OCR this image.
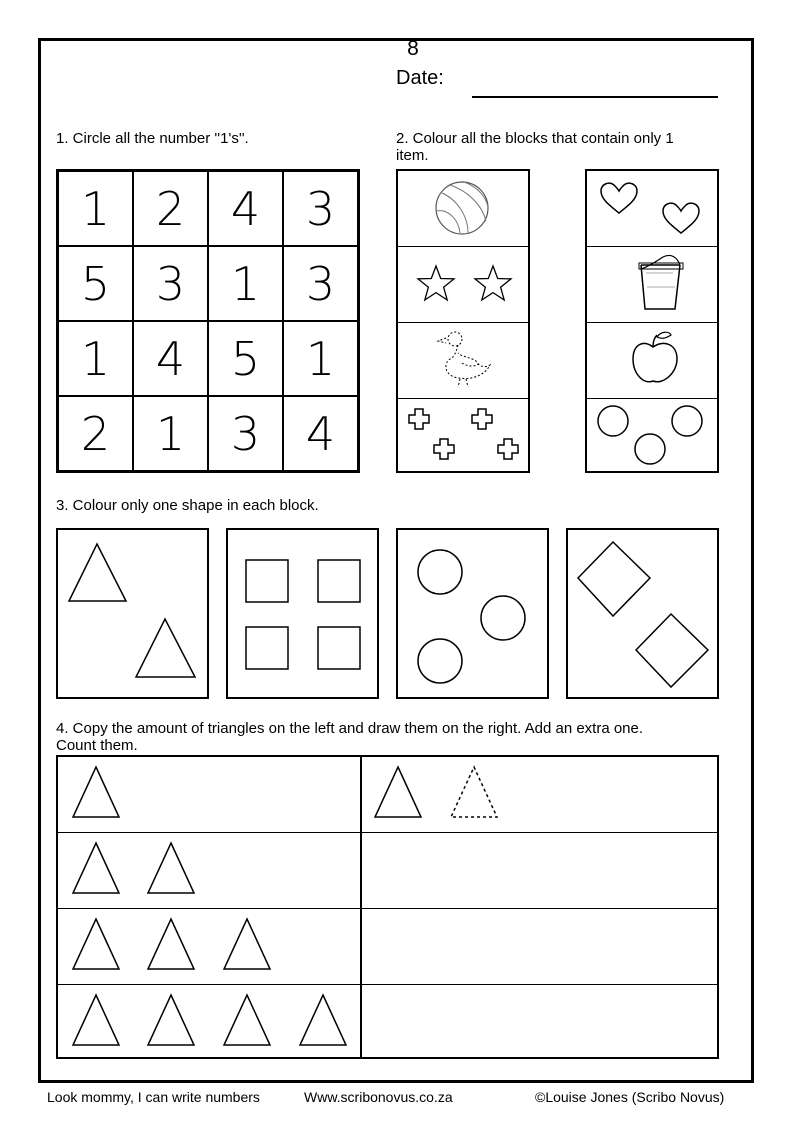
8
Date:
1. Circle all the number ''1's''.
1 2 4 3
5 3 1 3
1 4 5 1
2 1 3 4
2. Colour all the blocks that contain only 1
item.
3. Colour only one shape in each block.
4. Copy the amount of triangles on the left and draw them on the right. Add an extra one.
Count them.
Look mommy, I can write numbers	Www.scribonovus.co.za	©Louise Jones (Scribo Novus)
